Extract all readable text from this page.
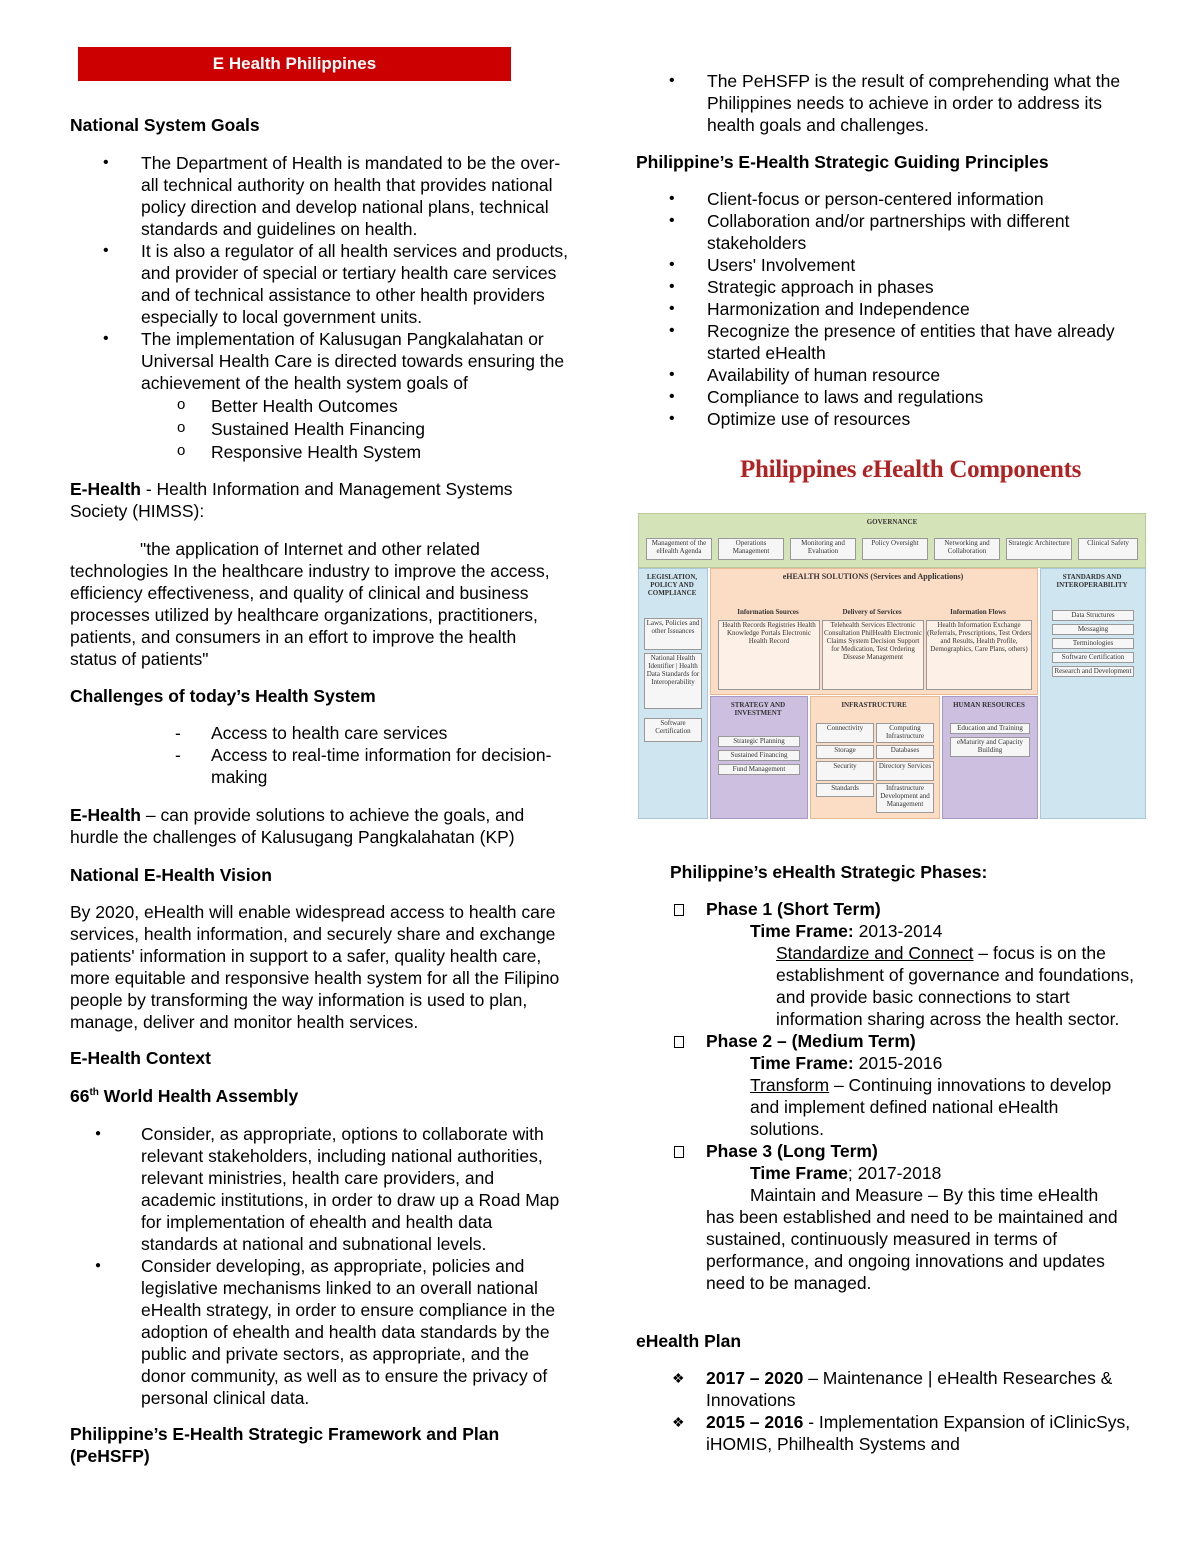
E Health Philippines
National System Goals
• The Department of Health is mandated to be the over-all technical authority on health that provides national policy direction and develop national plans, technical standards and guidelines on health.
• It is also a regulator of all health services and products, and provider of special or tertiary health care services and of technical assistance to other health providers especially to local government units.
• The implementation of Kalusugan Pangkalahatan or Universal Health Care is directed towards ensuring the achievement of the health system goals of
o Better Health Outcomes
o Sustained Health Financing
o Responsive Health System
E-Health - Health Information and Management Systems Society (HIMSS):
"the application of Internet and other related technologies In the healthcare industry to improve the access, efficiency effectiveness, and quality of clinical and business processes utilized by healthcare organizations, practitioners, patients, and consumers in an effort to improve the health status of patients"
Challenges of today’s Health System
- Access to health care services
- Access to real-time information for decision-making
E-Health – can provide solutions to achieve the goals, and hurdle the challenges of Kalusugang Pangkalahatan (KP)
National E-Health Vision
By 2020, eHealth will enable widespread access to health care services, health information, and securely share and exchange patients' information in support to a safer, quality health care, more equitable and responsive health system for all the Filipino people by transforming the way information is used to plan, manage, deliver and monitor health services.
E-Health Context
66th World Health Assembly
● Consider, as appropriate, options to collaborate with relevant stakeholders, including national authorities, relevant ministries, health care providers, and academic institutions, in order to draw up a Road Map for implementation of ehealth and health data standards at national and subnational levels.
● Consider developing, as appropriate, policies and legislative mechanisms linked to an overall national eHealth strategy, in order to ensure compliance in the adoption of ehealth and health data standards by the public and private sectors, as appropriate, and the donor community, as well as to ensure the privacy of personal clinical data.
Philippine’s E-Health Strategic Framework and Plan (PeHSFP)
• The PeHSFP is the result of comprehending what the Philippines needs to achieve in order to address its health goals and challenges.
Philippine’s E-Health Strategic Guiding Principles
• Client-focus or person-centered information
• Collaboration and/or partnerships with different stakeholders
• Users' Involvement
• Strategic approach in phases
• Harmonization and Independence
• Recognize the presence of entities that have already started eHealth
• Availability of human resource
• Compliance to laws and regulations
• Optimize use of resources
Philippine’s eHealth Strategic Phases:
Phase 1 (Short Term)
Time Frame: 2013-2014
Standardize and Connect – focus is on the establishment of governance and foundations, and provide basic connections to start information sharing across the health sector.
Phase 2 – (Medium Term)
Time Frame: 2015-2016
Transform – Continuing innovations to develop and implement defined national eHealth solutions.
Phase 3 (Long Term)
Time Frame; 2017-2018
Maintain and Measure – By this time eHealth
has been established and need to be maintained and sustained, continuously measured in terms of performance, and ongoing innovations and updates need to be managed.
eHealth Plan
❖ 2017 – 2020 – Maintenance | eHealth Researches & Innovations
❖ 2015 – 2016 - Implementation Expansion of iClinicSys, iHOMIS, Philhealth Systems and
Philippines eHealth Components
GOVERNANCE
Management of the eHealth Agenda
Operations Management
Monitoring and Evaluation
Policy Oversight	Networking and Collaboration
Strategic Architecture	Clinical Safety
LEGISLATION, POLICY AND COMPLIANCE
Laws, Policies and other Issuances
National Health Identifier | Health Data Standards for Interoperability
Software Certification
eHEALTH SOLUTIONS (Services and Applications)
Information Sources	Delivery of Services	Information Flows
Health Records Registries Health Knowledge Portals Electronic Health Record
Telehealth Services Electronic Consultation PhilHealth Electronic Claims System Decision Support for Medication, Test Ordering Disease Management
Health Information Exchange (Referrals, Prescriptions, Test Orders and Results, Health Profile, Demographics, Care Plans, others)
STANDARDS AND INTEROPERABILITY
Data Structures
Messaging
Terminologies
Software Certification
Research and Development
STRATEGY AND INVESTMENT
Strategic Planning
Sustained Financing
Fund Management
INFRASTRUCTURE
Connectivity	Computing Infrastructure
Storage	Databases
Security	Directory Services
Standards	Infrastructure Development and Management
HUMAN RESOURCES
Education and Training
eMaturity and Capacity Building
